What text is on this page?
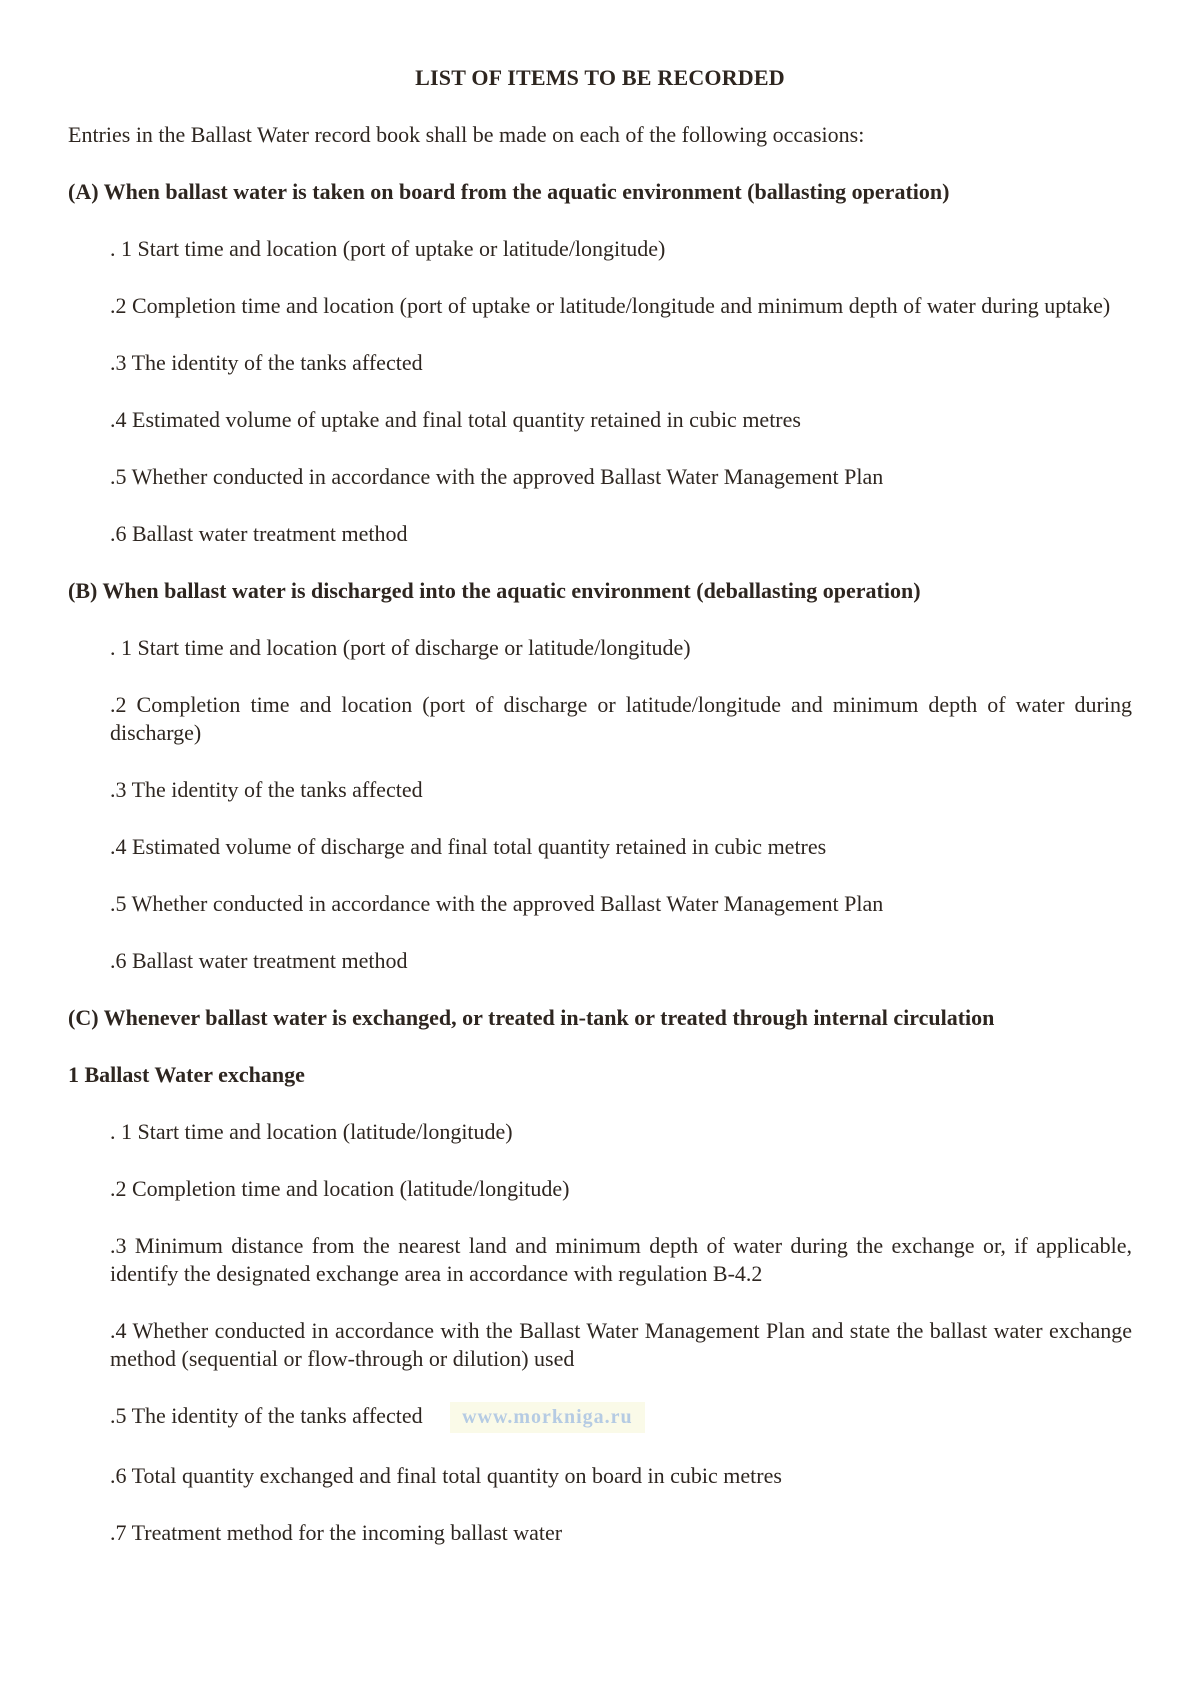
LIST OF ITEMS TO BE RECORDED

Entries in the Ballast Water record book shall be made on each of the following occasions:

(A) When ballast water is taken on board from the aquatic environment (ballasting operation)

. 1 Start time and location (port of uptake or latitude/longitude)

.2 Completion time and location (port of uptake or latitude/longitude and minimum depth of water during uptake)

.3 The identity of the tanks affected

.4 Estimated volume of uptake and final total quantity retained in cubic metres

.5 Whether conducted in accordance with the approved Ballast Water Management Plan

.6 Ballast water treatment method

(B) When ballast water is discharged into the aquatic environment (deballasting operation)

. 1 Start time and location (port of discharge or latitude/longitude)

.2 Completion time and location (port of discharge or latitude/longitude and minimum depth of water during discharge)

.3 The identity of the tanks affected

.4 Estimated volume of discharge and final total quantity retained in cubic metres

.5 Whether conducted in accordance with the approved Ballast Water Management Plan

.6 Ballast water treatment method

(C) Whenever ballast water is exchanged, or treated in-tank or treated through internal circulation
1 Ballast Water exchange

. 1 Start time and location (latitude/longitude)

.2 Completion time and location (latitude/longitude)

.3 Minimum distance from the nearest land and minimum depth of water during the exchange or, if applicable, identify the designated exchange area in accordance with regulation B-4.2

.4 Whether conducted in accordance with the Ballast Water Management Plan and state the ballast water exchange method (sequential or flow-through or dilution) used

.5 The identity of the tanks affected www.morkniga.ru

.6 Total quantity exchanged and final total quantity on board in cubic metres

.7 Treatment method for the incoming ballast water
